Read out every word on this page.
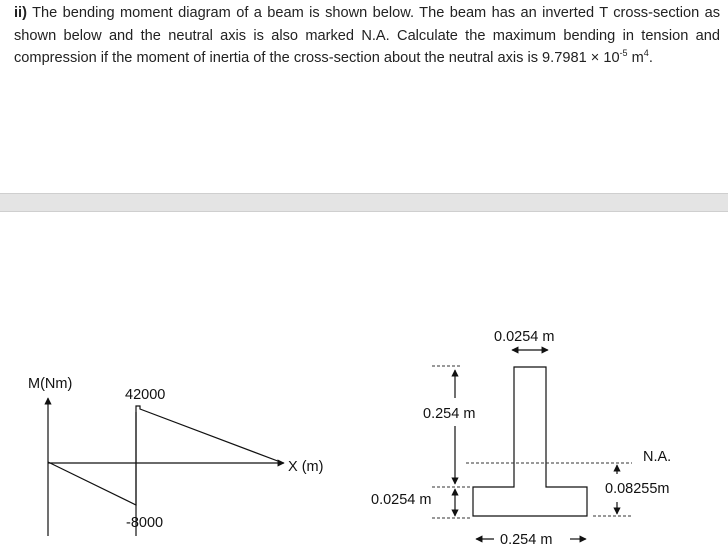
ii) The bending moment diagram of a beam is shown below. The beam has an inverted T cross-section as shown below and the neutral axis is also marked N.A. Calculate the maximum bending in tension and compression if the moment of inertia of the cross-section about the neutral axis is $9.7981 \times 10^{-5}$ $m^4$.

M(Nm)
X (m)
42000
-8000
0.0254 m
0.254 m
0.0254 m
0.254 m
N.A.
0.08255m
